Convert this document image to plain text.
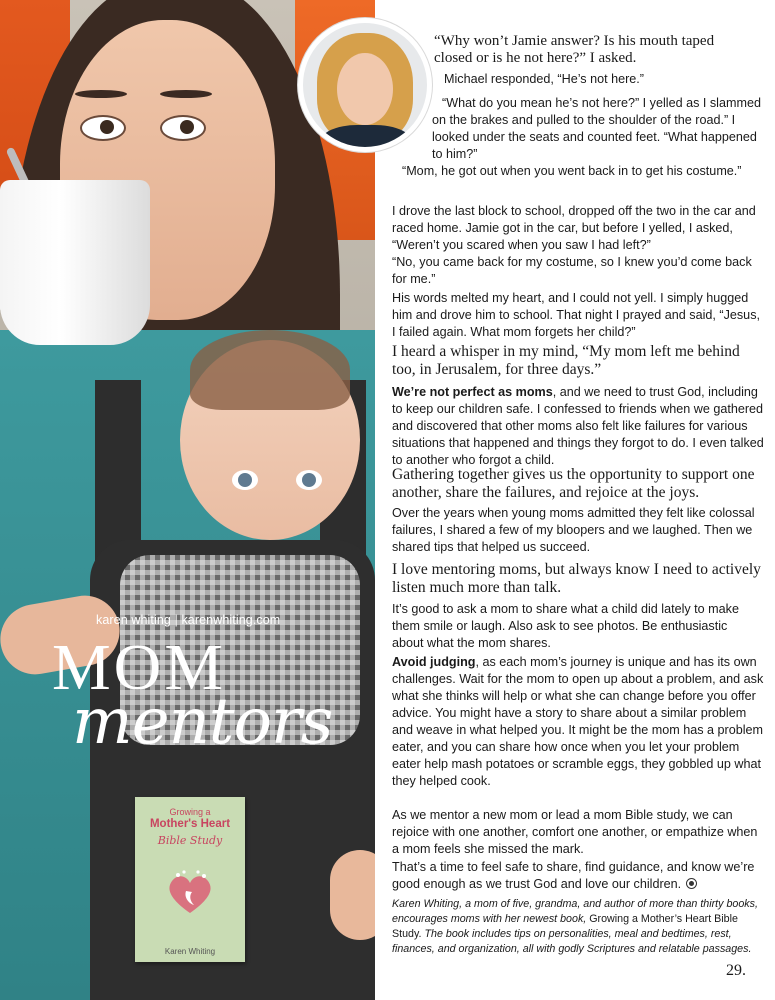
karen whiting | karenwhiting.com
MOM
mentors
Growing a
Mother's Heart
Bible Study
Karen Whiting

“Why won’t Jamie answer? Is his mouth taped closed or is he not here?” I asked.

Michael responded, “He’s not here.”

“What do you mean he’s not here?” I yelled as I slammed on the brakes and pulled to the shoulder of the road.” I looked under the seats and counted feet. “What happened to him?”

“Mom, he got out when you went back in to get his costume.”

I drove the last block to school, dropped off the two in the car and raced home. Jamie got in the car, but before I yelled, I asked, “Weren’t you scared when you saw I had left?”

“No, you came back for my costume, so I knew you’d come back for me.”

His words melted my heart, and I could not yell. I simply hugged him and drove him to school. That night I prayed and said, “Jesus, I failed again. What mom forgets her child?”

I heard a whisper in my mind, “My mom left me behind too, in Jerusalem, for three days.”

We’re not perfect as moms, and we need to trust God, including to keep our children safe. I confessed to friends when we gathered and discovered that other moms also felt like failures for various situations that happened and things they forgot to do. I even talked to another who forgot a child.

Gathering together gives us the opportunity to support one another, share the failures, and rejoice at the joys.

Over the years when young moms admitted they felt like colossal failures, I shared a few of my bloopers and we laughed. Then we shared tips that helped us succeed.

I love mentoring moms, but always know I need to actively listen much more than talk.

It’s good to ask a mom to share what a child did lately to make them smile or laugh. Also ask to see photos. Be enthusiastic about what the mom shares.

Avoid judging, as each mom’s journey is unique and has its own challenges. Wait for the mom to open up about a problem, and ask what she thinks will help or what she can change before you offer advice. You might have a story to share about a similar problem and weave in what helped you. It might be the mom has a problem eater, and you can share how once when you let your problem eater help mash potatoes or scramble eggs, they gobbled up what they helped cook.

As we mentor a new mom or lead a mom Bible study, we can rejoice with one another, comfort one another, or empathize when a mom feels she missed the mark.

That’s a time to feel safe to share, find guidance, and know we’re good enough as we trust God and love our children.

Karen Whiting, a mom of five, grandma, and author of more than thirty books, encourages moms with her newest book, Growing a Mother’s Heart Bible Study. The book includes tips on personalities, meal and bedtimes, rest, finances, and organization, all with godly Scriptures and relatable passages.

29.
